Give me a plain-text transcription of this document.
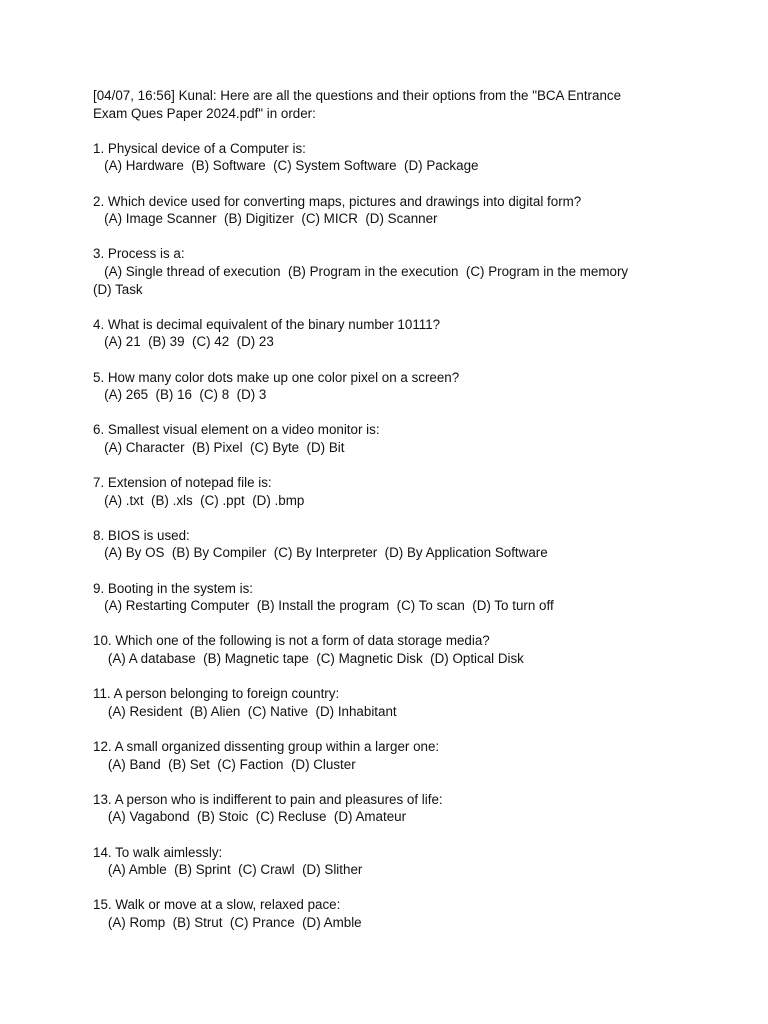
[04/07, 16:56] Kunal: Here are all the questions and their options from the "BCA Entrance
Exam Ques Paper 2024.pdf" in order:
1. Physical device of a Computer is:
(A) Hardware  (B) Software  (C) System Software  (D) Package
2. Which device used for converting maps, pictures and drawings into digital form?
(A) Image Scanner  (B) Digitizer  (C) MICR  (D) Scanner
3. Process is a:
(A) Single thread of execution  (B) Program in the execution  (C) Program in the memory
(D) Task
4. What is decimal equivalent of the binary number 10111?
(A) 21  (B) 39  (C) 42  (D) 23
5. How many color dots make up one color pixel on a screen?
(A) 265  (B) 16  (C) 8  (D) 3
6. Smallest visual element on a video monitor is:
(A) Character  (B) Pixel  (C) Byte  (D) Bit
7. Extension of notepad file is:
(A) .txt  (B) .xls  (C) .ppt  (D) .bmp
8. BIOS is used:
(A) By OS  (B) By Compiler  (C) By Interpreter  (D) By Application Software
9. Booting in the system is:
(A) Restarting Computer  (B) Install the program  (C) To scan  (D) To turn off
10. Which one of the following is not a form of data storage media?
(A) A database  (B) Magnetic tape  (C) Magnetic Disk  (D) Optical Disk
11. A person belonging to foreign country:
(A) Resident  (B) Alien  (C) Native  (D) Inhabitant
12. A small organized dissenting group within a larger one:
(A) Band  (B) Set  (C) Faction  (D) Cluster
13. A person who is indifferent to pain and pleasures of life:
(A) Vagabond  (B) Stoic  (C) Recluse  (D) Amateur
14. To walk aimlessly:
(A) Amble  (B) Sprint  (C) Crawl  (D) Slither
15. Walk or move at a slow, relaxed pace:
(A) Romp  (B) Strut  (C) Prance  (D) Amble
